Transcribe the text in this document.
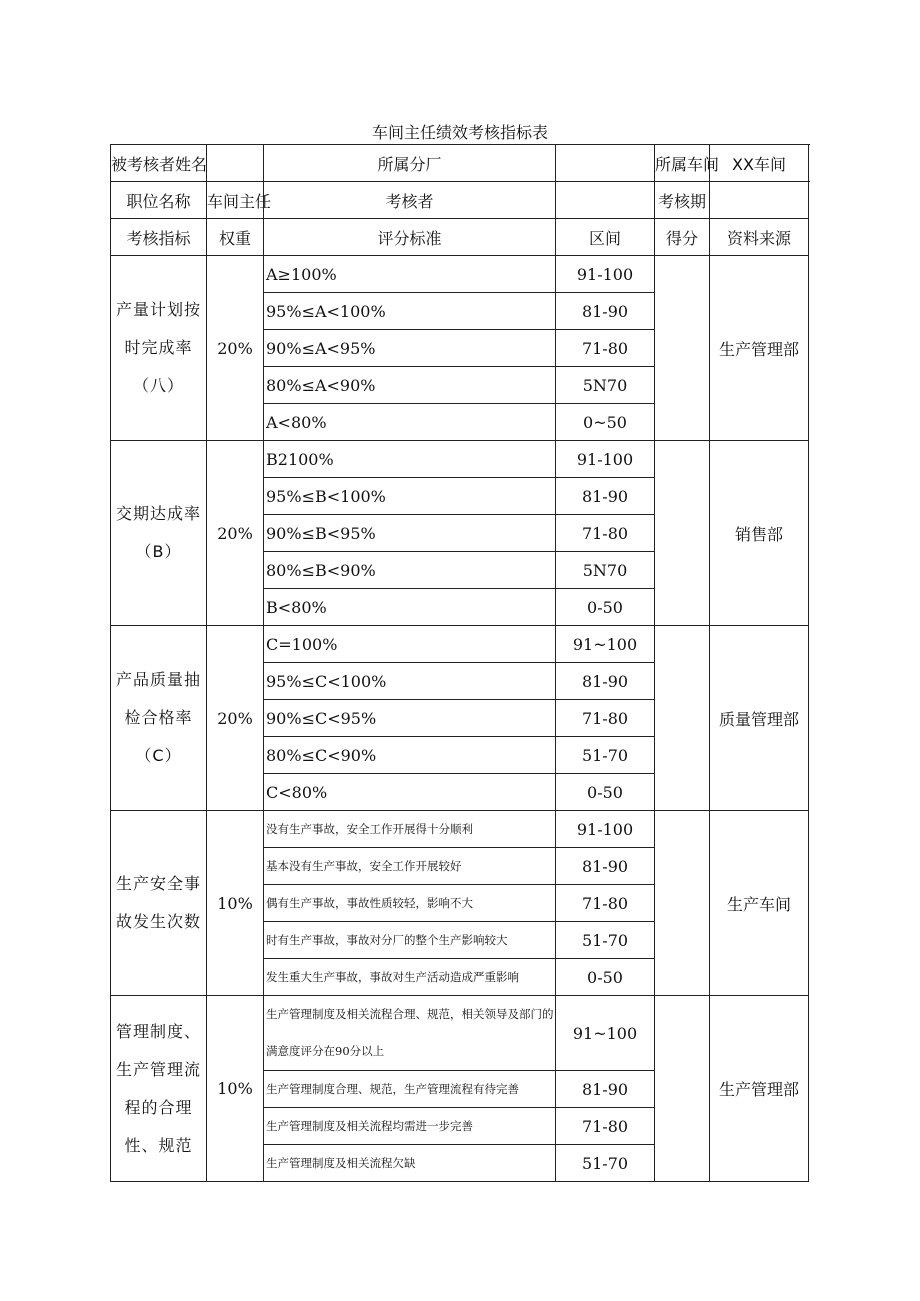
车间主任绩效考核指标表
被考核者姓名		所属分厂		所属车间	XX车间
职位名称	车间主任	考核者		考核期	
考核指标	权重	评分标准	区间	得分	资料来源
产量计划按时完成率（八）	20%	A≥100%	91-100		生产管理部
		95%≤A<100%	81-90		
		90%≤A<95%	71-80		
		80%≤A<90%	5N70		
		A<80%	0~50		
交期达成率（B）	20%	B2100%	91-100		销售部
		95%≤B<100%	81-90		
		90%≤B<95%	71-80		
		80%≤B<90%	5N70		
		B<80%	0-50		
产品质量抽检合格率（C）	20%	C=100%	91~100		质量管理部
		95%≤C<100%	81-90		
		90%≤C<95%	71-80		
		80%≤C<90%	51-70		
		C<80%	0-50		
生产安全事故发生次数	10%	没有生产事故，安全工作开展得十分顺利	91-100		生产车间
		基本没有生产事故，安全工作开展较好	81-90		
		偶有生产事故，事故性质较轻，影响不大	71-80		
		时有生产事故，事故对分厂的整个生产影响较大	51-70		
		发生重大生产事故，事故对生产活动造成严重影响	0-50		
管理制度、生产管理流程的合理性、规范	10%	生产管理制度及相关流程合理、规范，相关领导及部门的满意度评分在90分以上	91~100		生产管理部
		生产管理制度合理、规范，生产管理流程有待完善	81-90		
		生产管理制度及相关流程均需进一步完善	71-80		
		生产管理制度及相关流程欠缺	51-70		
